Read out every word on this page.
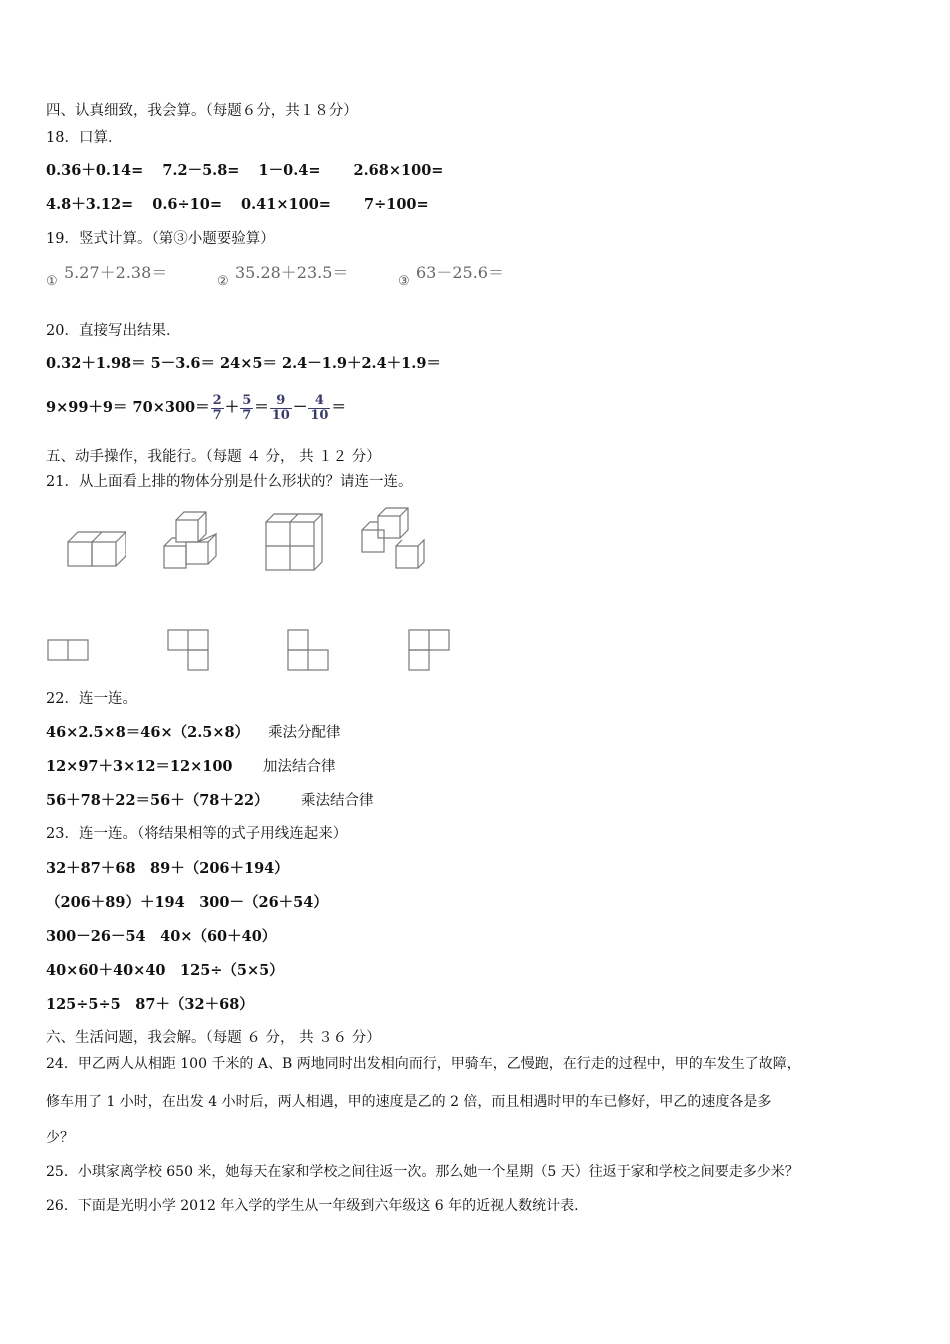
四、认真细致，我会算。（每题６分，共１８分）
18．口算．
0.36＋0.14= 7.2－5.8= 1－0.4= 2.68×100=
4.8＋3.12= 0.6÷10= 0.41×100= 7÷100=
19．竖式计算。（第③小题要验算）
① 5.27＋2.38＝	② 35.28＋23.5＝	③ 63－25.6＝
20．直接写出结果．
0.32＋1.98＝ 5－3.6＝ 24×5＝ 2.4－1.9＋2.4＋1.9＝
$9\times 99+9= 70\times 300= \frac{2}{7} + \frac{5}{7} = \frac{9}{10} - \frac{4}{10}$ ＝
五、动手操作，我能行。（每题 ４ 分， 共 １２ 分）
21．从上面看上排的物体分别是什么形状的？请连一连。
22．连一连。
46×2.5×8＝46×（2.5×8） 乘法分配律
12×97＋3×12＝12×100 加法结合律
56＋78＋22＝56＋（78＋22） 乘法结合律
23．连一连。（将结果相等的式子用线连起来）
32＋87＋68　 89＋（206＋194）
（206＋89）＋194　 300－（26＋54）
300－26－54　 40×（60＋40）
40×60＋40×40　 125÷（5×5）
125÷5÷5　 87＋（32＋68）
六、生活问题，我会解。（每题 ６ 分， 共 ３６ 分）
24．甲乙两人从相距 100 千米的 A、B 两地同时出发相向而行，甲骑车，乙慢跑，在行走的过程中，甲的车发生了故障，
修车用了 1 小时，在出发 4 小时后，两人相遇，甲的速度是乙的 2 倍，而且相遇时甲的车已修好，甲乙的速度各是多
少？
25．小琪家离学校 650 米，她每天在家和学校之间往返一次。那么她一个星期（5 天）往返于家和学校之间要走多少米？
26．下面是光明小学 2012 年入学的学生从一年级到六年级这 6 年的近视人数统计表.
